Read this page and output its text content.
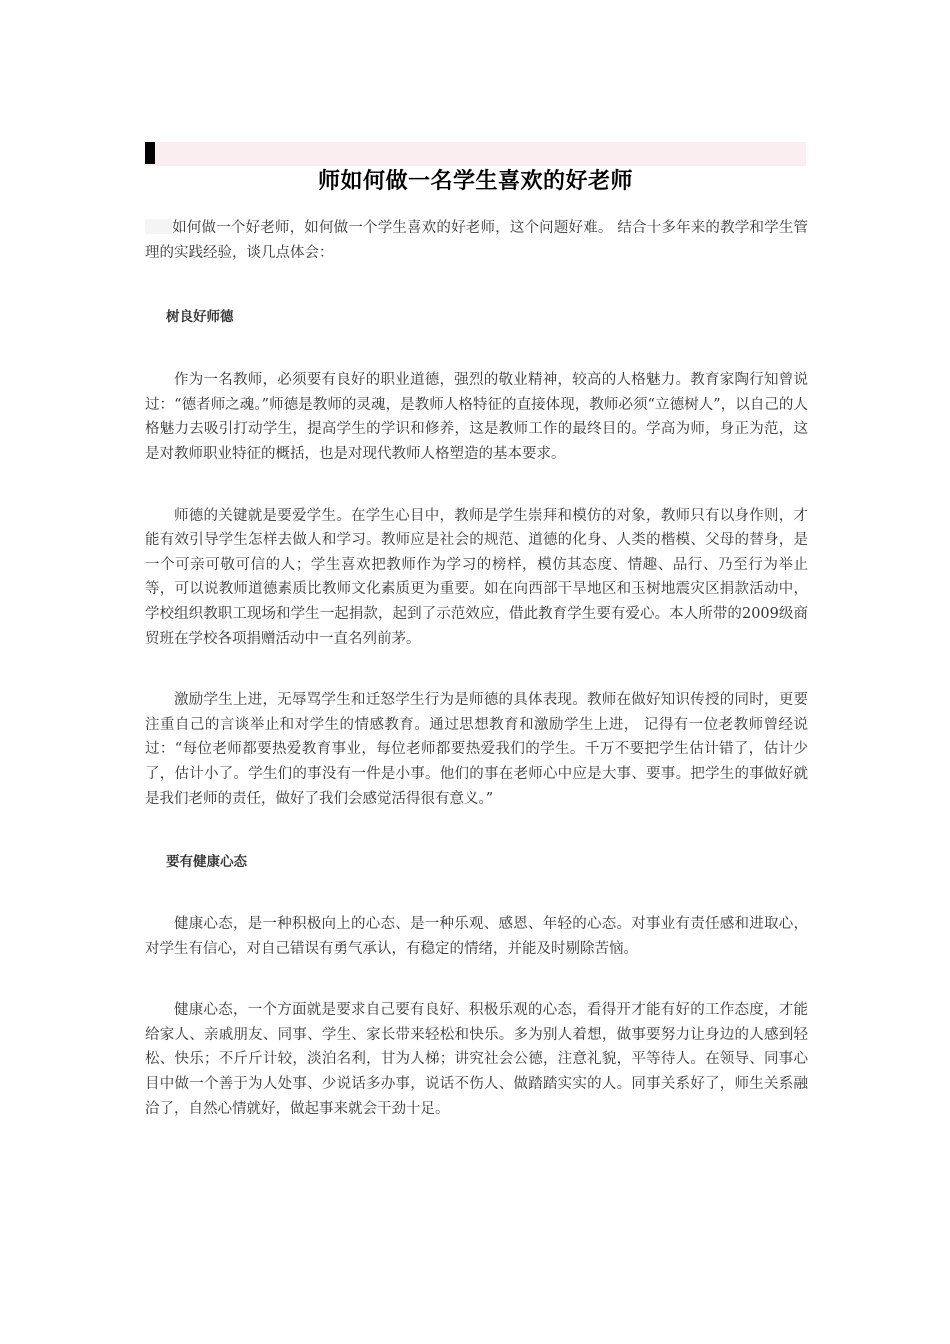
师如何做一名学生喜欢的好老师

如何做一个好老师，如何做一个学生喜欢的好老师，这个问题好难。 结合十多年来的教学和学生管理的实践经验，谈几点体会：

树良好师德

作为一名教师，必须要有良好的职业道德，强烈的敬业精神，较高的人格魅力。教育家陶行知曾说过：“德者师之魂。”师德是教师的灵魂，是教师人格特征的直接体现，教师必须“立德树人”，以自己的人格魅力去吸引打动学生，提高学生的学识和修养，这是教师工作的最终目的。学高为师，身正为范，这是对教师职业特征的概括，也是对现代教师人格塑造的基本要求。

师德的关键就是要爱学生。在学生心目中，教师是学生崇拜和模仿的对象，教师只有以身作则，才能有效引导学生怎样去做人和学习。教师应是社会的规范、道德的化身、人类的楷模、父母的替身，是一个可亲可敬可信的人；学生喜欢把教师作为学习的榜样，模仿其态度、情趣、品行、乃至行为举止等，可以说教师道德素质比教师文化素质更为重要。如在向西部干旱地区和玉树地震灾区捐款活动中，学校组织教职工现场和学生一起捐款，起到了示范效应，借此教育学生要有爱心。本人所带的2009级商贸班在学校各项捐赠活动中一直名列前茅。

激励学生上进，无辱骂学生和迁怒学生行为是师德的具体表现。教师在做好知识传授的同时，更要注重自己的言谈举止和对学生的情感教育。通过思想教育和激励学生上进， 记得有一位老教师曾经说过：“每位老师都要热爱教育事业，每位老师都要热爱我们的学生。千万不要把学生估计错了，估计少了，估计小了。学生们的事没有一件是小事。他们的事在老师心中应是大事、要事。把学生的事做好就是我们老师的责任，做好了我们会感觉活得很有意义。”

要有健康心态

健康心态，是一种积极向上的心态、是一种乐观、感恩、年轻的心态。对事业有责任感和进取心，对学生有信心，对自己错误有勇气承认，有稳定的情绪，并能及时剔除苦恼。

健康心态，一个方面就是要求自己要有良好、积极乐观的心态，看得开才能有好的工作态度，才能给家人、亲戚朋友、同事、学生、家长带来轻松和快乐。多为别人着想，做事要努力让身边的人感到轻松、快乐；不斤斤计较，淡泊名利，甘为人梯；讲究社会公德，注意礼貌，平等待人。在领导、同事心目中做一个善于为人处事、少说话多办事，说话不伤人、做踏踏实实的人。同事关系好了，师生关系融洽了，自然心情就好，做起事来就会干劲十足。
